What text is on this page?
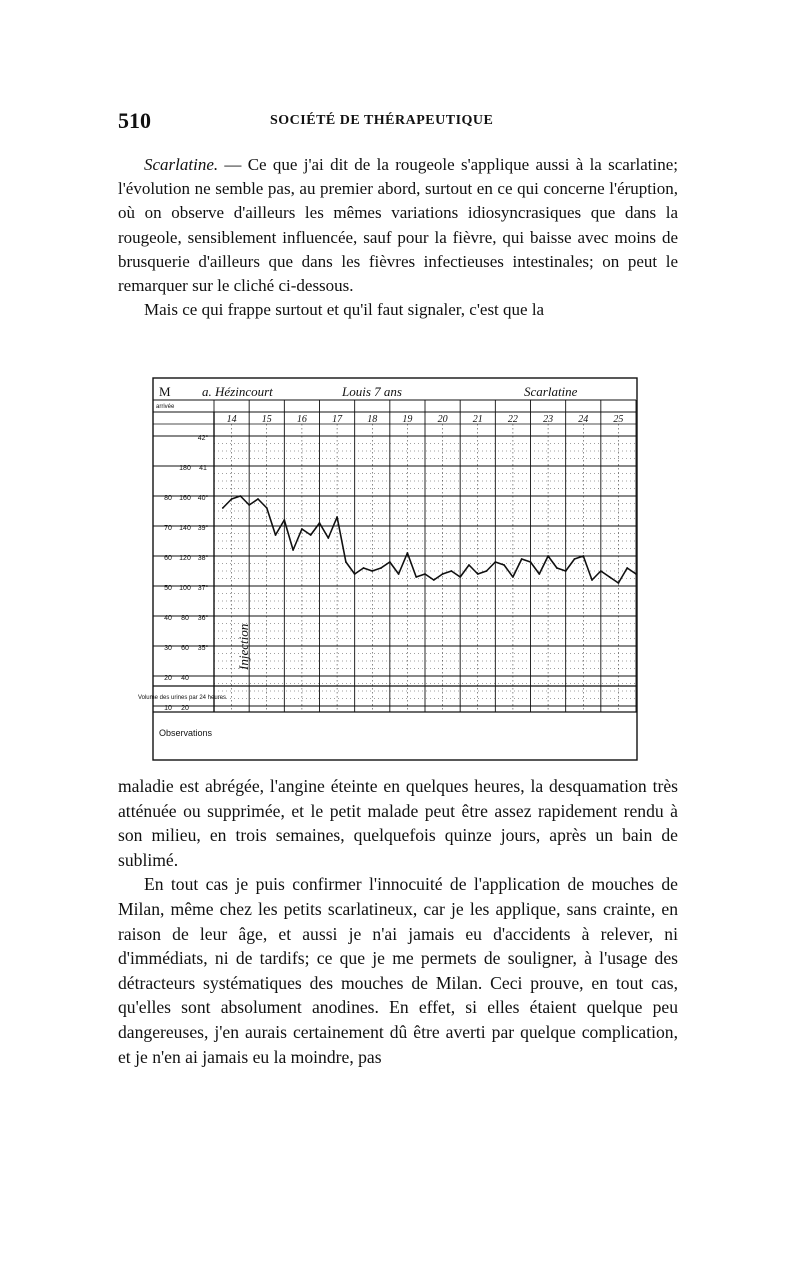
510	SOCIÉTÉ DE THÉRAPEUTIQUE

Scarlatine. — Ce que j'ai dit de la rougeole s'applique aussi à la scarlatine; l'évolution ne semble pas, au premier abord, surtout en ce qui concerne l'éruption, où on observe d'ailleurs les mêmes variations idiosyncrasiques que dans la rougeole, sensiblement influencée, sauf pour la fièvre, qui baisse avec moins de brusquerie d'ailleurs que dans les fièvres infectieuses intestinales; on peut le remarquer sur le cliché ci-dessous.

Mais ce qui frappe surtout et qu'il faut signaler, c'est que la

M
arrivée
a. Hézincourt	Louis 7 ans	Scarlatine
Volume des urines par 24 heures
Observations
Injection
14	15	16	17	18	19	20	21	22	23	24	25
42°
180 41
80 160 40°
70 140 39°
60 120 38°
50 100 37°
40 80 36°
30 60 35°
20 40
10 20

maladie est abrégée, l'angine éteinte en quelques heures, la desquamation très atténuée ou supprimée, et le petit malade peut être assez rapidement rendu à son milieu, en trois semaines, quelquefois quinze jours, après un bain de sublimé.

En tout cas je puis confirmer l'innocuité de l'application de mouches de Milan, même chez les petits scarlatineux, car je les applique, sans crainte, en raison de leur âge, et aussi je n'ai jamais eu d'accidents à relever, ni d'immédiats, ni de tardifs; ce que je me permets de souligner, à l'usage des détracteurs systématiques des mouches de Milan. Ceci prouve, en tout cas, qu'elles sont absolument anodines. En effet, si elles étaient quelque peu dangereuses, j'en aurais certainement dû être averti par quelque complication, et je n'en ai jamais eu la moindre, pas
